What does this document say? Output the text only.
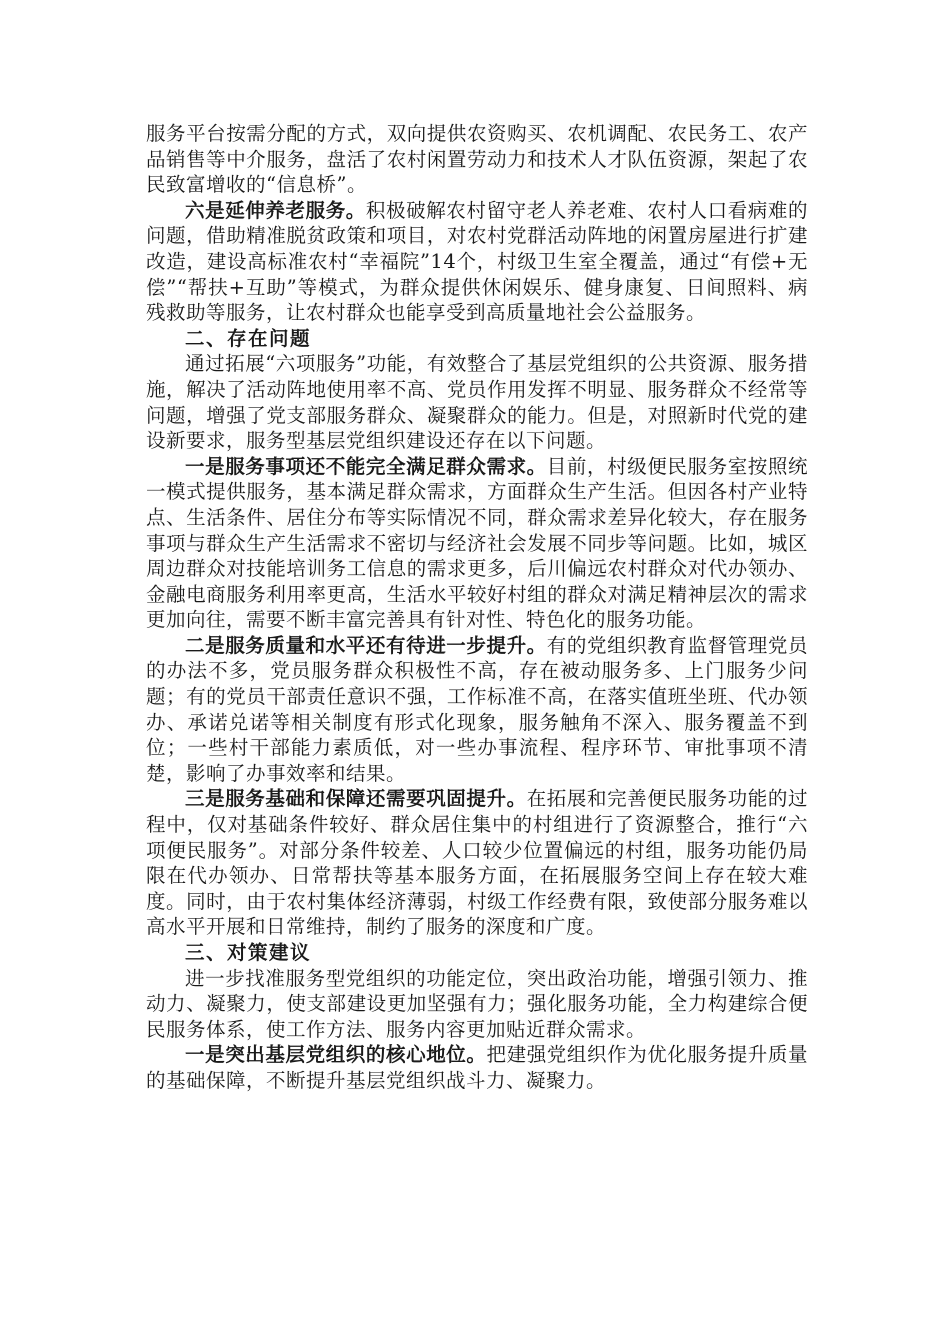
服务平台按需分配的方式，双向提供农资购买、农机调配、农民务工、农产品销售等中介服务，盘活了农村闲置劳动力和技术人才队伍资源，架起了农民致富增收的“信息桥”。

六是延伸养老服务。积极破解农村留守老人养老难、农村人口看病难的问题，借助精准脱贫政策和项目，对农村党群活动阵地的闲置房屋进行扩建改造，建设高标准农村“幸福院”14个，村级卫生室全覆盖，通过“有偿+无偿”“帮扶+互助”等模式，为群众提供休闲娱乐、健身康复、日间照料、病残救助等服务，让农村群众也能享受到高质量地社会公益服务。

二、存在问题

通过拓展“六项服务”功能，有效整合了基层党组织的公共资源、服务措施，解决了活动阵地使用率不高、党员作用发挥不明显、服务群众不经常等问题，增强了党支部服务群众、凝聚群众的能力。但是，对照新时代党的建设新要求，服务型基层党组织建设还存在以下问题。

一是服务事项还不能完全满足群众需求。目前，村级便民服务室按照统一模式提供服务，基本满足群众需求，方面群众生产生活。但因各村产业特点、生活条件、居住分布等实际情况不同，群众需求差异化较大，存在服务事项与群众生产生活需求不密切与经济社会发展不同步等问题。比如，城区周边群众对技能培训务工信息的需求更多，后川偏远农村群众对代办领办、金融电商服务利用率更高，生活水平较好村组的群众对满足精神层次的需求更加向往，需要不断丰富完善具有针对性、特色化的服务功能。

二是服务质量和水平还有待进一步提升。有的党组织教育监督管理党员的办法不多，党员服务群众积极性不高，存在被动服务多、上门服务少问题；有的党员干部责任意识不强，工作标准不高，在落实值班坐班、代办领办、承诺兑诺等相关制度有形式化现象，服务触角不深入、服务覆盖不到位；一些村干部能力素质低，对一些办事流程、程序环节、审批事项不清楚，影响了办事效率和结果。

三是服务基础和保障还需要巩固提升。在拓展和完善便民服务功能的过程中，仅对基础条件较好、群众居住集中的村组进行了资源整合，推行“六项便民服务”。对部分条件较差、人口较少位置偏远的村组，服务功能仍局限在代办领办、日常帮扶等基本服务方面，在拓展服务空间上存在较大难度。同时，由于农村集体经济薄弱，村级工作经费有限，致使部分服务难以高水平开展和日常维持，制约了服务的深度和广度。

三、对策建议

进一步找准服务型党组织的功能定位，突出政治功能，增强引领力、推动力、凝聚力，使支部建设更加坚强有力；强化服务功能，全力构建综合便民服务体系，使工作方法、服务内容更加贴近群众需求。

一是突出基层党组织的核心地位。把建强党组织作为优化服务提升质量的基础保障，不断提升基层党组织战斗力、凝聚力。
